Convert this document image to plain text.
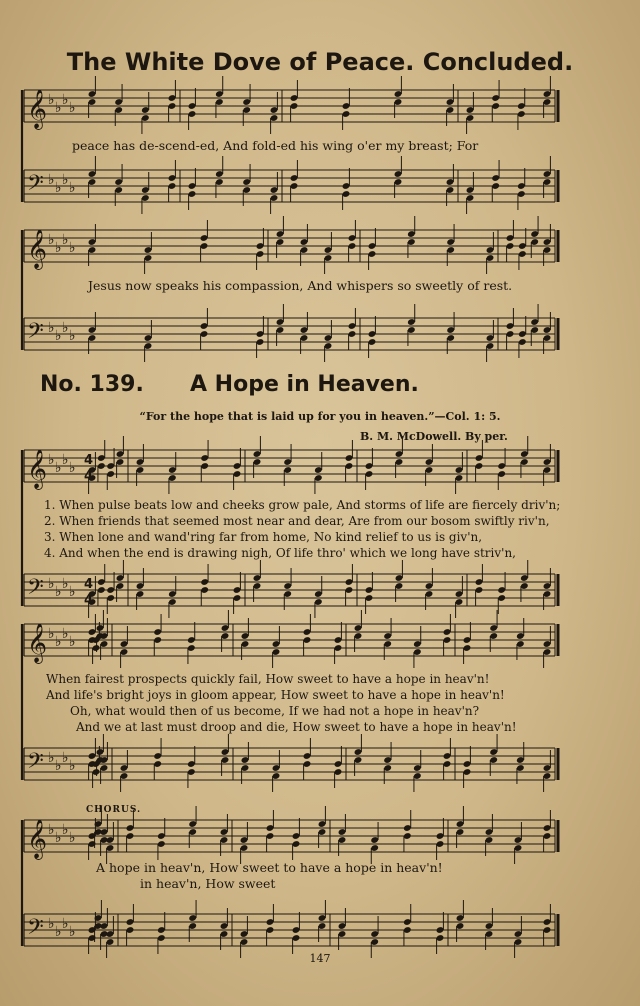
♭ ♭ ♭ ♭
♭ ♭ ♭ ♭
♭ ♭ ♭ ♭
♭ ♭ ♭ ♭
♭ ♭ ♭ ♭
♭ ♭ ♭ ♭
♭ ♭ ♭ ♭
♭ ♭ ♭ ♭
♭ ♭ ♭ ♭
♭ ♭ ♭ ♭
𝄞
𝄢
𝄞
𝄢
𝄞
𝄢
𝄞
𝄢
𝄞
𝄢
4
4
4
4
The White Dove of Peace. Concluded.
peace has de-scend-ed, And fold-ed his wing o'er my breast; For
Jesus now speaks his compassion, And whispers so sweetly of rest.
No. 139. A Hope in Heaven.
“For the hope that is laid up for you in heaven.”—Col. 1: 5.
B. M. McDowell. By per.
1. When pulse beats low and cheeks grow pale, And storms of life are fiercely driv'n;
2. When friends that seemed most near and dear, Are from our bosom swiftly riv'n,
3. When lone and wand'ring far from home, No kind relief to us is giv'n,
4. And when the end is drawing nigh, Of life thro' which we long have striv'n,
When fairest prospects quickly fail, How sweet to have a hope in heav'n!
And life's bright joys in gloom appear, How sweet to have a hope in heav'n!
Oh, what would then of us become, If we had not a hope in heav'n?
And we at last must droop and die, How sweet to have a hope in heav'n!
CHORUS.
A hope in heav'n, How sweet to have a hope in heav'n!
in heav'n, How sweet
147
